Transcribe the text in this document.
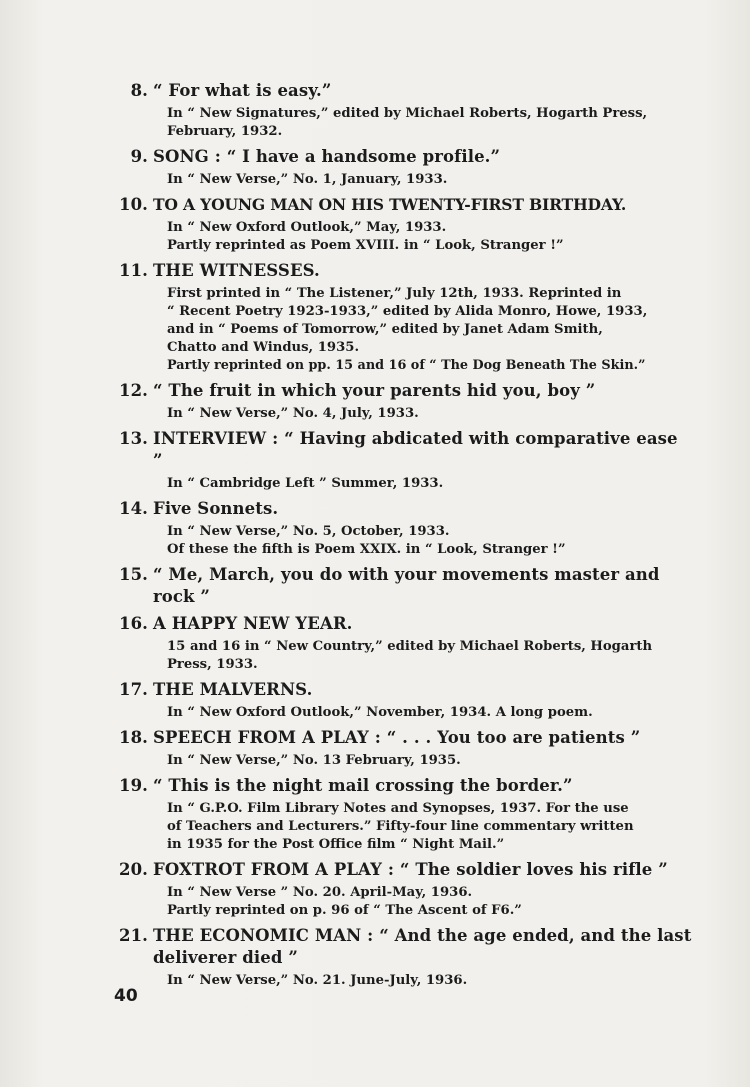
8. “ For what is easy.”
In “ New Signatures,” edited by Michael Roberts, Hogarth Press,
February, 1932.
9. SONG : “ I have a handsome profile.”
In “ New Verse,” No. 1, January, 1933.
10. TO A YOUNG MAN ON HIS TWENTY-FIRST BIRTHDAY.
In “ New Oxford Outlook,” May, 1933.
Partly reprinted as Poem XVIII. in “ Look, Stranger !”
11. THE WITNESSES.
First printed in “ The Listener,” July 12th, 1933. Reprinted in
“ Recent Poetry 1923-1933,” edited by Alida Monro, Howe, 1933,
and in “ Poems of Tomorrow,” edited by Janet Adam Smith,
Chatto and Windus, 1935.
Partly reprinted on pp. 15 and 16 of “ The Dog Beneath The Skin.”
12. “ The fruit in which your parents hid you, boy ”
In “ New Verse,” No. 4, July, 1933.
13. INTERVIEW : “ Having abdicated with comparative ease ”
In “ Cambridge Left ” Summer, 1933.
14. Five Sonnets.
In “ New Verse,” No. 5, October, 1933.
Of these the fifth is Poem XXIX. in “ Look, Stranger !”
15. “ Me, March, you do with your movements master and rock ”
16. A HAPPY NEW YEAR.
15 and 16 in “ New Country,” edited by Michael Roberts, Hogarth
Press, 1933.
17. THE MALVERNS.
In “ New Oxford Outlook,” November, 1934. A long poem.
18. SPEECH FROM A PLAY : “ . . . You too are patients ”
In “ New Verse,” No. 13 February, 1935.
19. “ This is the night mail crossing the border.”
In “ G.P.O. Film Library Notes and Synopses, 1937. For the use
of Teachers and Lecturers.” Fifty-four line commentary written
in 1935 for the Post Office film “ Night Mail.”
20. FOXTROT FROM A PLAY : “ The soldier loves his rifle ”
In “ New Verse ” No. 20. April-May, 1936.
Partly reprinted on p. 96 of “ The Ascent of F6.”
21. THE ECONOMIC MAN : “ And the age ended, and the last deliverer died ”
In “ New Verse,” No. 21. June-July, 1936.
40
